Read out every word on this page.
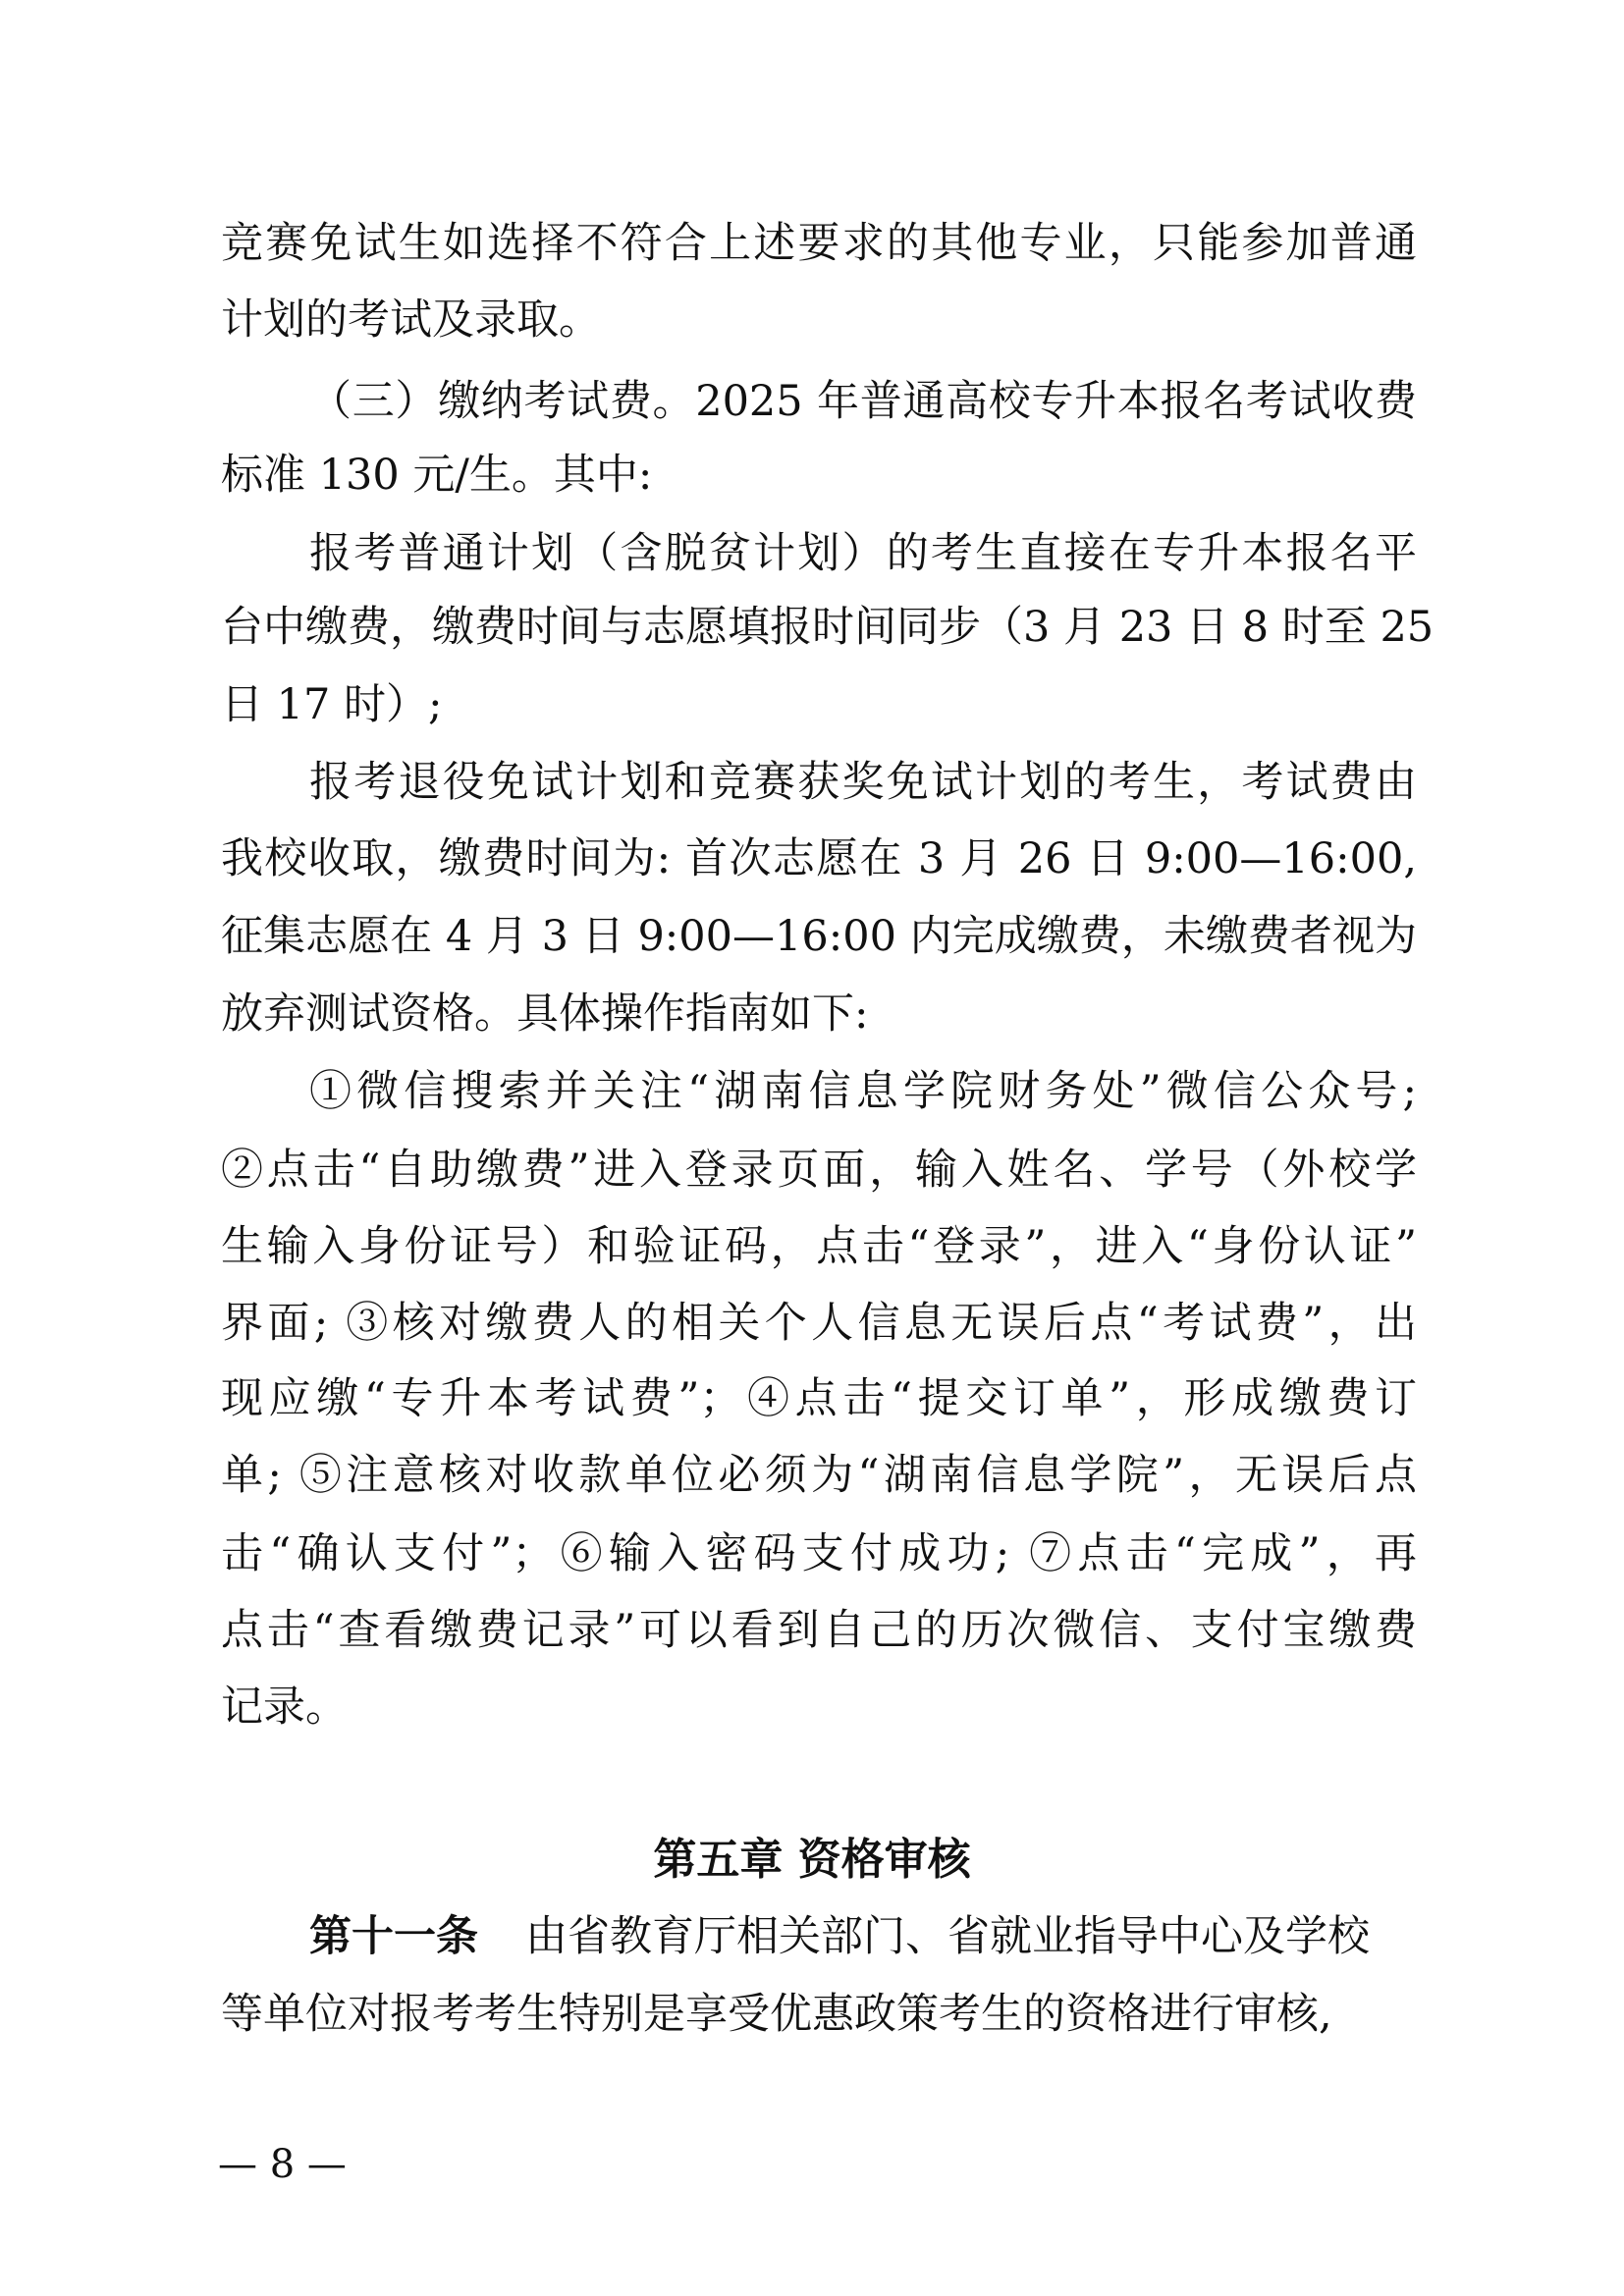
竞赛免试生如选择不符合上述要求的其他专业，只能参加普通
计划的考试及录取。
（三）缴纳考试费。2025 年普通高校专升本报名考试收费
标准 130 元/生。其中:
报考普通计划（含脱贫计划）的考生直接在专升本报名平
台中缴费，缴费时间与志愿填报时间同步（3 月 23 日 8 时至 25
日 17 时）;
报考退役免试计划和竞赛获奖免试计划的考生，考试费由
我校收取，缴费时间为: 首次志愿在 3 月 26 日 9:00—16:00,
征集志愿在 4 月 3 日 9:00—16:00 内完成缴费，未缴费者视为
放弃测试资格。具体操作指南如下:
①微信搜索并关注“湖南信息学院财务处”微信公众号;
②点击“自助缴费”进入登录页面，输入姓名、学号（外校学
生输入身份证号）和验证码，点击“登录”，进入“身份认证”
界面; ③核对缴费人的相关个人信息无误后点“考试费”，出
现应缴“专升本考试费”；④点击“提交订单”，形成缴费订
单; ⑤注意核对收款单位必须为“湖南信息学院”，无误后点
击“确认支付”；⑥输入密码支付成功; ⑦点击“完成”，再
点击“查看缴费记录”可以看到自己的历次微信、支付宝缴费
记录。
第五章 资格审核
第十一条 由省教育厅相关部门、省就业指导中心及学校
等单位对报考考生特别是享受优惠政策考生的资格进行审核,
— 8 —
